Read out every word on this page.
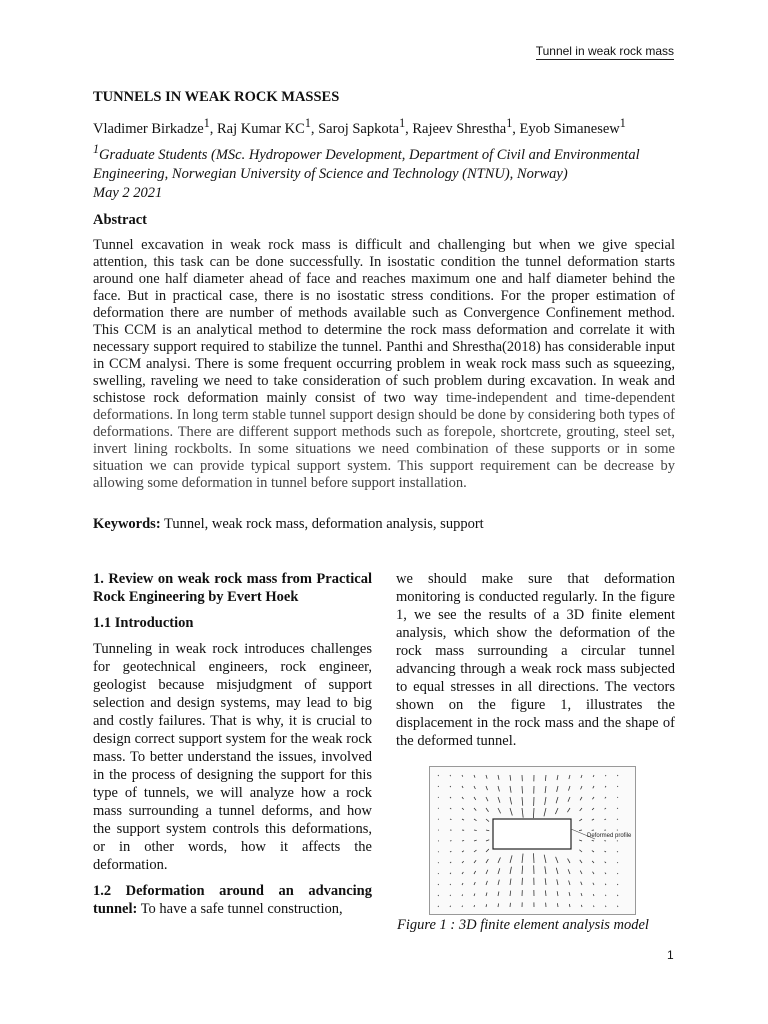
Tunnel in weak rock mass
TUNNELS IN WEAK ROCK MASSES
Vladimer Birkadze$^1$, Raj Kumar $KC^1$, Saroj Sapkota$^1$, Rajeev Shrestha$^1$, Eyob Simanesew$^1$
$^1$Graduate Students (MSc. Hydropower Development, Department of Civil and Environmental Engineering, Norwegian University of Science and Technology (NTNU), Norway)
May 2 2021
Abstract
Tunnel excavation in weak rock mass is difficult and challenging but when we give special attention, this task can be done successfully. In isostatic condition the tunnel deformation starts around one half diameter ahead of face and reaches maximum one and half diameter behind the face. But in practical case, there is no isostatic stress conditions. For the proper estimation of deformation there are number of methods available such as Convergence Confinement method. This CCM is an analytical method to determine the rock mass deformation and correlate it with necessary support required to stabilize the tunnel. Panthi and Shrestha(2018) has considerable input in CCM analysi. There is some frequent occurring problem in weak rock mass such as squeezing, swelling, raveling we need to take consideration of such problem during excavation. In weak and schistose rock deformation mainly consist of two way time-independent and time-dependent deformations. In long term stable tunnel support design should be done by considering both types of deformations. There are different support methods such as forepole, shortcrete, grouting, steel set, invert lining rockbolts. In some situations we need combination of these supports or in some situation we can provide typical support system. This support requirement can be decrease by allowing some deformation in tunnel before support installation.
Keywords: Tunnel, weak rock mass, deformation analysis, support

1. Review on weak rock mass from Practical Rock Engineering by Evert Hoek

1.1 Introduction

Tunneling in weak rock introduces challenges for geotechnical engineers, rock engineer, geologist because misjudgment of support selection and design systems, may lead to big and costly failures. That is why, it is crucial to design correct support system for the weak rock mass. To better understand the issues, involved in the process of designing the support for this type of tunnels, we will analyze how a rock mass surrounding a tunnel deforms, and how the support system controls this deformations, or in other words, how it affects the deformation.

1.2 Deformation around an advancing tunnel: To have a safe tunnel construction,

we should make sure that deformation monitoring is conducted regularly. In the figure 1, we see the results of a 3D finite element analysis, which show the deformation of the rock mass surrounding a circular tunnel advancing through a weak rock mass subjected to equal stresses in all directions. The vectors shown on the figure 1, illustrates the displacement in the rock mass and the shape of the deformed tunnel.

Deformed profile
Figure 1 : 3D finite element analysis model
1
